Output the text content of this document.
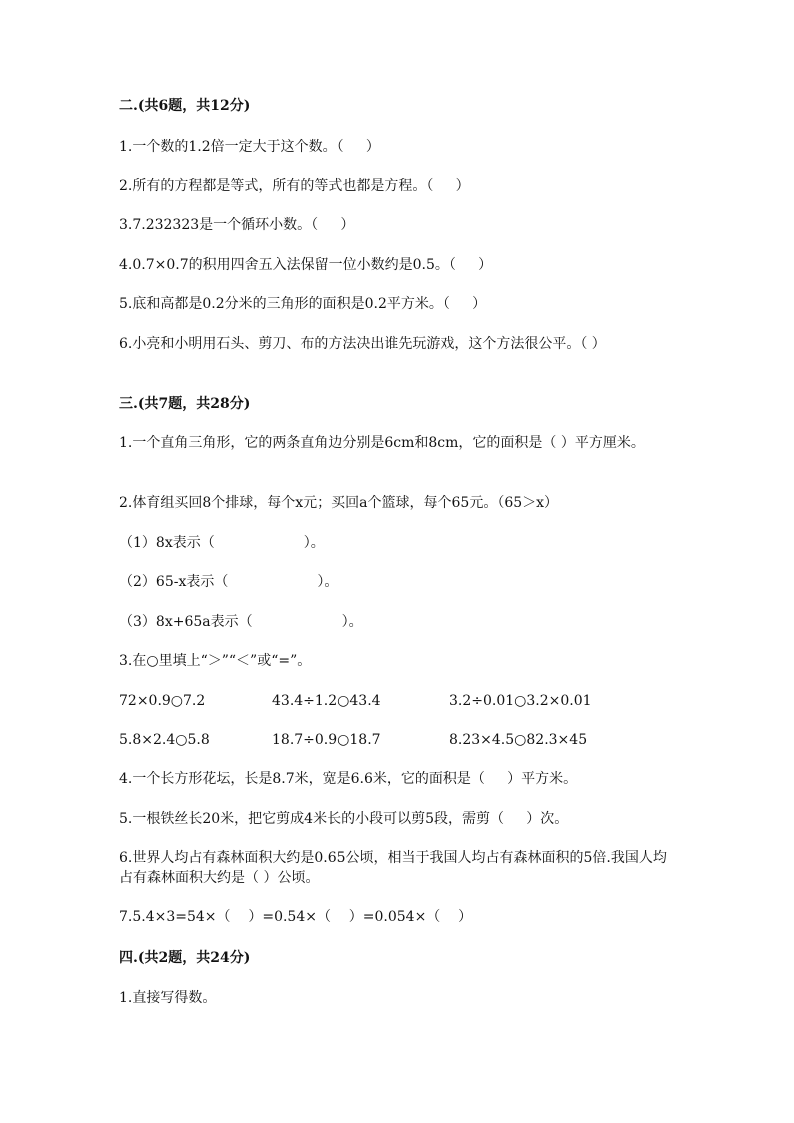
二.(共6题，共12分)
1.一个数的1.2倍一定大于这个数。（     ）
2.所有的方程都是等式，所有的等式也都是方程。（     ）
3.7.232323是一个循环小数。（     ）
4.0.7×0.7的积用四舍五入法保留一位小数约是0.5。（     ）
5.底和高都是0.2分米的三角形的面积是0.2平方米。（     ）
6.小亮和小明用石头、剪刀、布的方法决出谁先玩游戏，这个方法很公平。（ ）
三.(共7题，共28分)
1.一个直角三角形，它的两条直角边分别是6cm和8cm，它的面积是（ ）平方厘米。
2.体育组买回8个排球，每个x元；买回a个篮球，每个65元。（65＞x）
（1）8x表示（                    ）。
（2）65-x表示（                    ）。
（3）8x+65a表示（                    ）。
3.在○里填上“＞”“＜”或“=”。
72×0.9○7.2	43.4÷1.2○43.4	3.2÷0.01○3.2×0.01
5.8×2.4○5.8	18.7÷0.9○18.7	8.23×4.5○82.3×45
4.一个长方形花坛，长是8.7米，宽是6.6米，它的面积是（     ）平方米。
5.一根铁丝长20米，把它剪成4米长的小段可以剪5段，需剪（     ）次。
6.世界人均占有森林面积大约是0.65公顷，相当于我国人均占有森林面积的5倍.我国人均占有森林面积大约是（ ）公顷。
7.5.4×3=54×（    ）=0.54×（    ）=0.054×（    ）
四.(共2题，共24分)
1.直接写得数。
